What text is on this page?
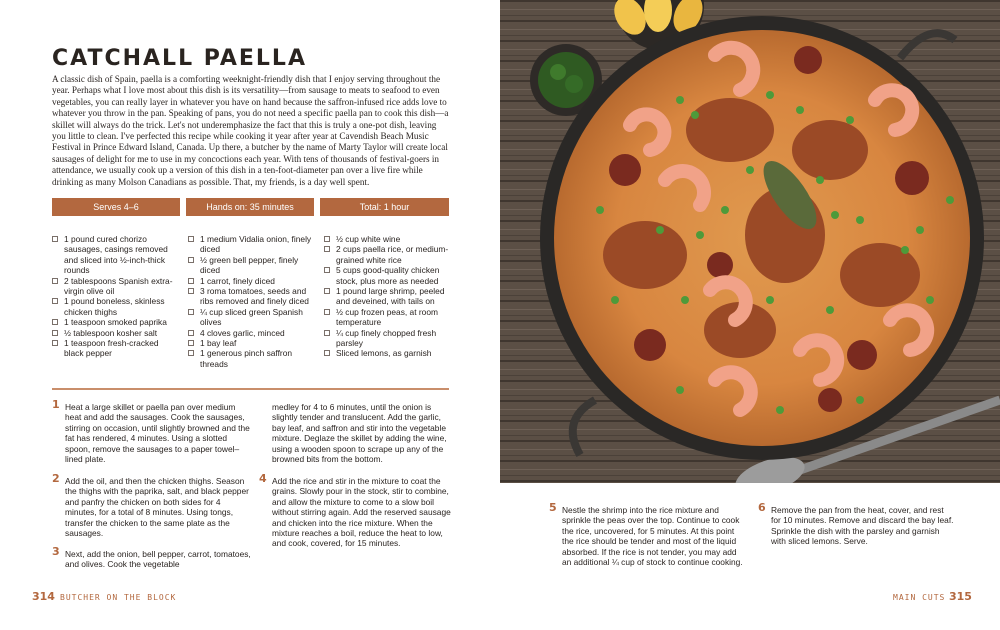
CATCHALL PAELLA

A classic dish of Spain, paella is a comforting weeknight-friendly dish that I enjoy serving throughout the year. Perhaps what I love most about this dish is its versatility—from sausage to meats to seafood to even vegetables, you can really layer in whatever you have on hand because the saffron-infused rice adds love to whatever you throw in the pan. Speaking of pans, you do not need a specific paella pan to cook this dish—a skillet will always do the trick. Let's not underemphasize the fact that this is truly a one-pot dish, leaving you little to clean. I've perfected this recipe while cooking it year after year at Cavendish Beach Music Festival in Prince Edward Island, Canada. Up there, a butcher by the name of Marty Taylor will create local sausages of delight for me to use in my concoctions each year. With tens of thousands of festival-goers in attendance, we usually cook up a version of this dish in a ten-foot-diameter pan over a live fire while drinking as many Molson Canadians as possible. That, my friends, is a day well spent.

Serves 4–6	Hands on: 35 minutes	Total: 1 hour
1 pound cured chorizo sausages, casings removed and sliced into ½-inch-thick rounds
2 tablespoons Spanish extra-virgin olive oil
1 pound boneless, skinless chicken thighs
1 teaspoon smoked paprika
½ tablespoon kosher salt
1 teaspoon fresh-cracked black pepper
1 medium Vidalia onion, finely diced
½ green bell pepper, finely diced
1 carrot, finely diced
3 roma tomatoes, seeds and ribs removed and finely diced
¼ cup sliced green Spanish olives
4 cloves garlic, minced
1 bay leaf
1 generous pinch saffron threads
½ cup white wine
2 cups paella rice, or medium-grained white rice
5 cups good-quality chicken stock, plus more as needed
1 pound large shrimp, peeled and deveined, with tails on
½ cup frozen peas, at room temperature
¼ cup finely chopped fresh parsley
Sliced lemons, as garnish
1 Heat a large skillet or paella pan over medium heat and add the sausages. Cook the sausages, stirring on occasion, until slightly browned and the fat has rendered, 4 minutes. Using a slotted spoon, remove the sausages to a paper towel–lined plate.
2 Add the oil, and then the chicken thighs. Season the thighs with the paprika, salt, and black pepper and panfry the chicken on both sides for 4 minutes, for a total of 8 minutes. Using tongs, transfer the chicken to the same plate as the sausages.
3 Next, add the onion, bell pepper, carrot, tomatoes, and olives. Cook the vegetable
medley for 4 to 6 minutes, until the onion is slightly tender and translucent. Add the garlic, bay leaf, and saffron and stir into the vegetable mixture. Deglaze the skillet by adding the wine, using a wooden spoon to scrape up any of the browned bits from the bottom.
4 Add the rice and stir in the mixture to coat the grains. Slowly pour in the stock, stir to combine, and allow the mixture to come to a slow boil without stirring again. Add the reserved sausage and chicken into the rice mixture. When the mixture reaches a boil, reduce the heat to low, and cook, covered, for 15 minutes.
5 Nestle the shrimp into the rice mixture and sprinkle the peas over the top. Continue to cook the rice, uncovered, for 5 minutes. At this point the rice should be tender and most of the liquid absorbed. If the rice is not tender, you may add an additional ¼ cup of stock to continue cooking.
6 Remove the pan from the heat, cover, and rest for 10 minutes. Remove and discard the bay leaf. Sprinkle the dish with the parsley and garnish with sliced lemons. Serve.
314 BUTCHER ON THE BLOCK	MAIN CUTS 315
